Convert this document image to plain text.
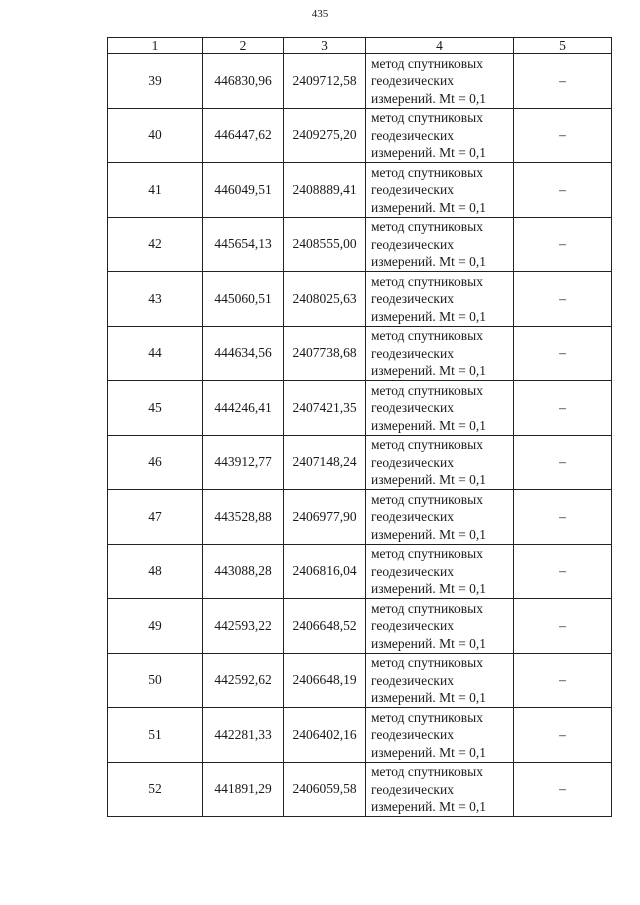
435
1	2	3	4	5
39	446830,96	2409712,58	метод спутниковых
геодезических
измерений. Mt = 0,1	–
40	446447,62	2409275,20	метод спутниковых
геодезических
измерений. Mt = 0,1	–
41	446049,51	2408889,41	метод спутниковых
геодезических
измерений. Mt = 0,1	–
42	445654,13	2408555,00	метод спутниковых
геодезических
измерений. Mt = 0,1	–
43	445060,51	2408025,63	метод спутниковых
геодезических
измерений. Mt = 0,1	–
44	444634,56	2407738,68	метод спутниковых
геодезических
измерений. Mt = 0,1	–
45	444246,41	2407421,35	метод спутниковых
геодезических
измерений. Mt = 0,1	–
46	443912,77	2407148,24	метод спутниковых
геодезических
измерений. Mt = 0,1	–
47	443528,88	2406977,90	метод спутниковых
геодезических
измерений. Mt = 0,1	–
48	443088,28	2406816,04	метод спутниковых
геодезических
измерений. Mt = 0,1	–
49	442593,22	2406648,52	метод спутниковых
геодезических
измерений. Mt = 0,1	–
50	442592,62	2406648,19	метод спутниковых
геодезических
измерений. Mt = 0,1	–
51	442281,33	2406402,16	метод спутниковых
геодезических
измерений. Mt = 0,1	–
52	441891,29	2406059,58	метод спутниковых
геодезических
измерений. Mt = 0,1	–
